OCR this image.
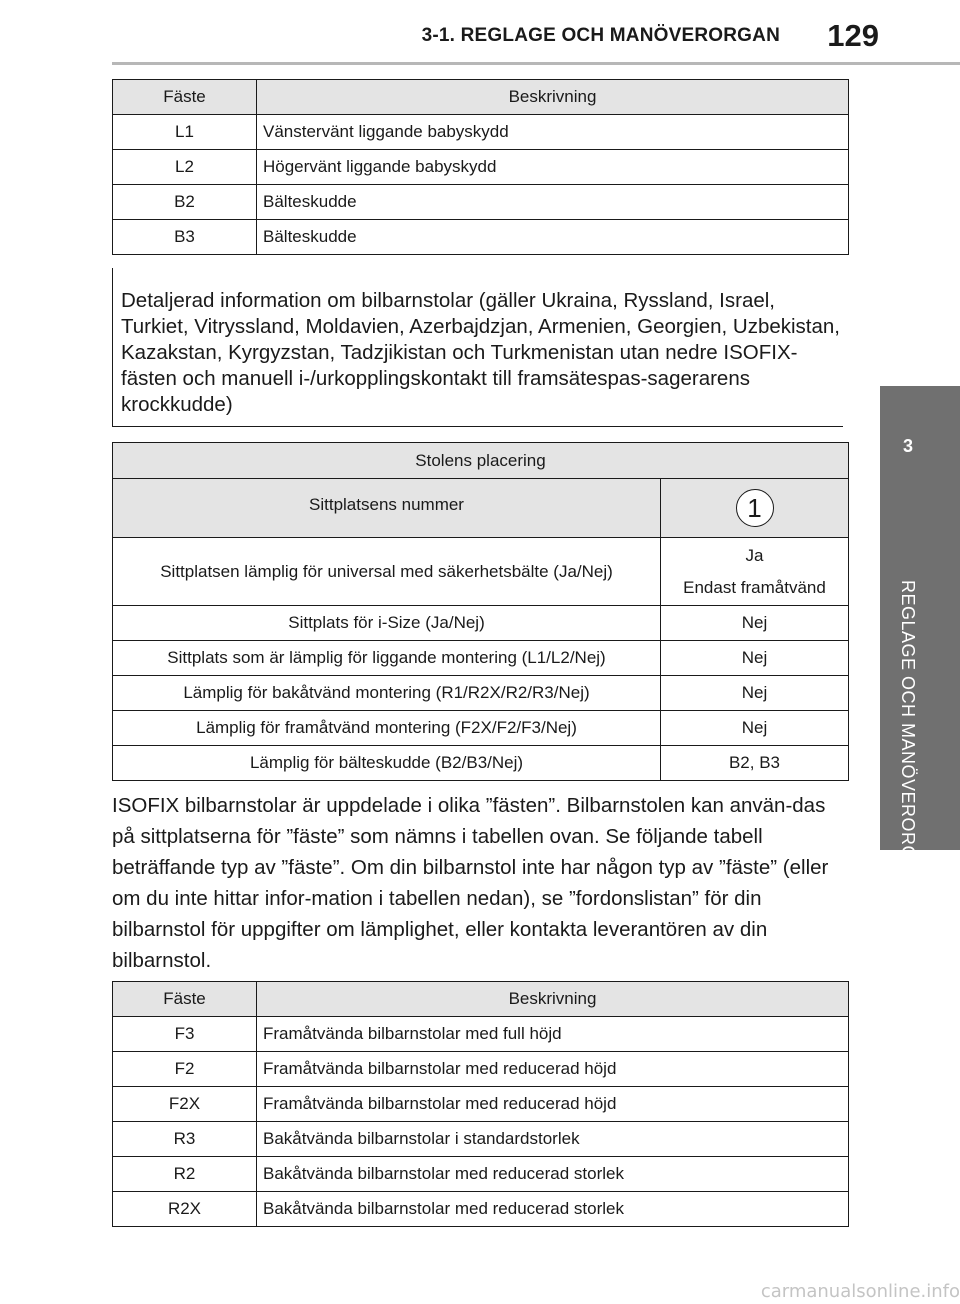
3-1. REGLAGE OCH MANÖVERORGAN 129
3
REGLAGE OCH MANÖVERORGAN
Fäste	Beskrivning
L1	Vänstervänt liggande babyskydd
L2	Högervänt liggande babyskydd
B2	Bälteskudde
B3	Bälteskudde

Detaljerad information om bilbarnstolar (gäller Ukraina, Ryssland, Israel, Turkiet, Vitryssland, Moldavien, Azerbajdzjan, Armenien, Georgien, Uzbekistan, Kazakstan, Kyrgyzstan, Tadzjikistan och Turkmenistan utan nedre ISOFIX-fästen och manuell i-/urkopplingskontakt till framsätespas-sagerarens krockkudde)

Stolens placering	
Sittplatsens nummer	1
Sittplatsen lämplig för universal med säkerhetsbälte (Ja/Nej)	Ja
Endast framåtvänd

Sittplats för i-Size (Ja/Nej)	Nej
Sittplats som är lämplig för liggande montering (L1/L2/Nej)	Nej
Lämplig för bakåtvänd montering (R1/R2X/R2/R3/Nej)	Nej
Lämplig för framåtvänd montering (F2X/F2/F3/Nej)	Nej
Lämplig för bälteskudde (B2/B3/Nej)	B2, B3

ISOFIX bilbarnstolar är uppdelade i olika ”fästen”. Bilbarnstolen kan använ-das på sittplatserna för ”fäste” som nämns i tabellen ovan. Se följande tabell beträffande typ av ”fäste”. Om din bilbarnstol inte har någon typ av ”fäste” (eller om du inte hittar infor-mation i tabellen nedan), se ”fordonslistan” för din bilbarnstol för uppgifter om lämplighet, eller kontakta leverantören av din bilbarnstol.

Fäste	Beskrivning
F3	Framåtvända bilbarnstolar med full höjd
F2	Framåtvända bilbarnstolar med reducerad höjd
F2X	Framåtvända bilbarnstolar med reducerad höjd
R3	Bakåtvända bilbarnstolar i standardstorlek
R2	Bakåtvända bilbarnstolar med reducerad storlek
R2X	Bakåtvända bilbarnstolar med reducerad storlek
carmanualsonline.info
